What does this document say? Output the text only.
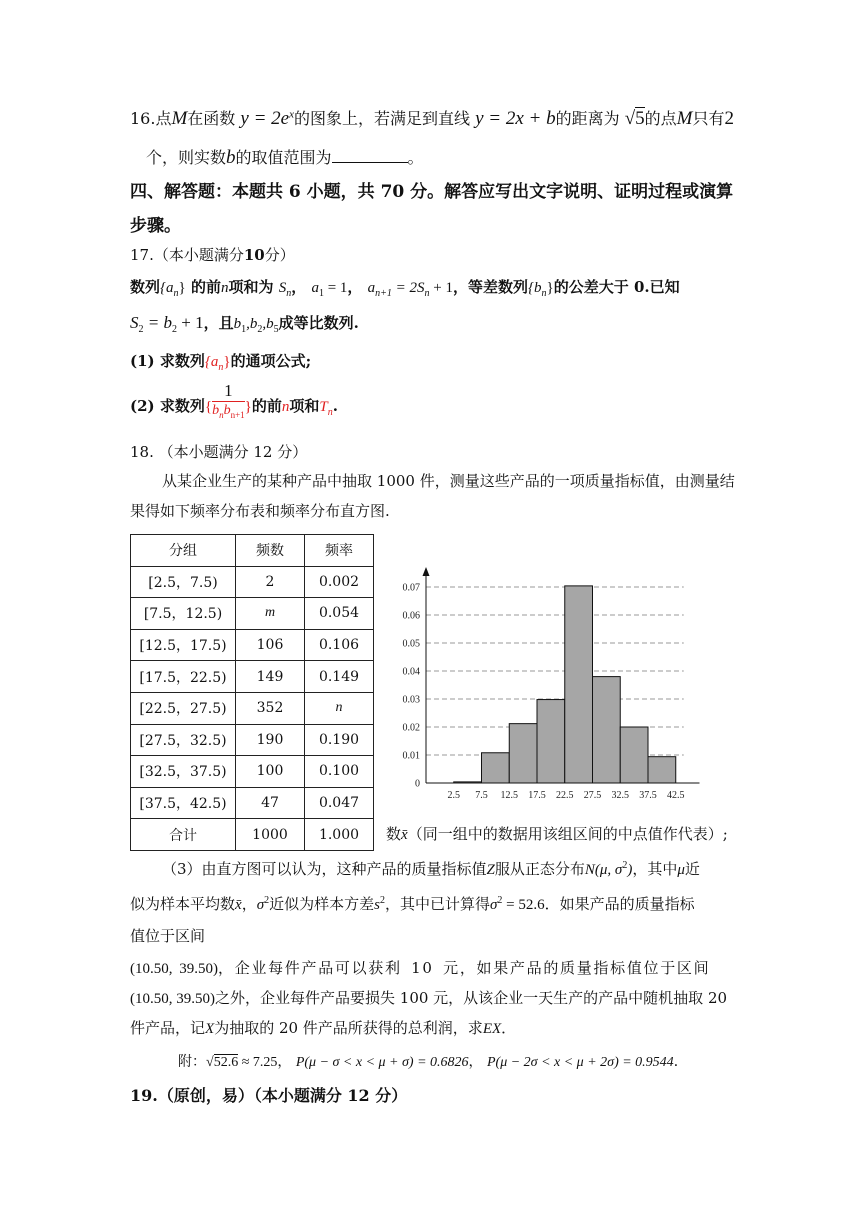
16.点M在函数 $y = 2e^x$的图象上，若满足到直线 y = 2x + b的距离为 √5的点M只有2
个，则实数b的取值范围为	。
四、解答题：本题共 6 小题，共 70 分。解答应写出文字说明、证明过程或演算
步骤。
17.（本小题满分10分）
数列$\{a_n\}$ 的前n项和为 $S_n$， $a_1 = 1$， $a_{n+1} = 2S_n + 1$，等差数列$\{b_n\}$的公差大于 0.已知
$S_2 = b_2 + 1$，且$b_1,b_2,b_5$成等比数列.
(1) 求数列$\{a_n\}$的通项公式;
(2) 求数列{ $\frac{1}{b_nb_{n+1}}$ }的前n项和$T_n$.
18. （本小题满分 12 分）
从某企业生产的某种产品中抽取 1000 件，测量这些产品的一项质量指标值，由测量结
果得如下频率分布表和频率分布直方图.
分组	频数	频率
[2.5，7.5)	2	0.002
[7.5，12.5)	m	0.054
[12.5，17.5)	106	0.106
[17.5，22.5)	149	0.149
[22.5，27.5)	352	n
[27.5，32.5)	190	0.190
[32.5，37.5)	100	0.100
[37.5，42.5)	47	0.047
合计	1000	1.000
0
0.01
0.02
0.03
0.04
0.05
0.06
0.07
2.5 7.5 12.5 17.5 22.5 27.5 32.5 37.5 42.5
数x̄（同一组中的数据用该组区间的中点值作代表）;
（3）由直方图可以认为，这种产品的质量指标值Z服从正态分布N(μ, $\sigma^2$)，其中μ近
似为样本平均数x̄，$\sigma^2$近似为样本方差$s^2$，其中已计算得$\sigma^2 = 52.6$．如果产品的质量指标
值位于区间
(10.50, 39.50)，企业每件产品可以获利 10 元，如果产品的质量指标值位于区间
(10.50, 39.50)之外，企业每件产品要损失 100 元，从该企业一天生产的产品中随机抽取 20
件产品，记X为抽取的 20 件产品所获得的总利润，求EX．
附：√52.6 ≈ 7.25， P(μ − σ < x < μ + σ) = 0.6826， P(μ − 2σ < x < μ + 2σ) = 0.9544．
19.（原创，易）（本小题满分 12 分）
